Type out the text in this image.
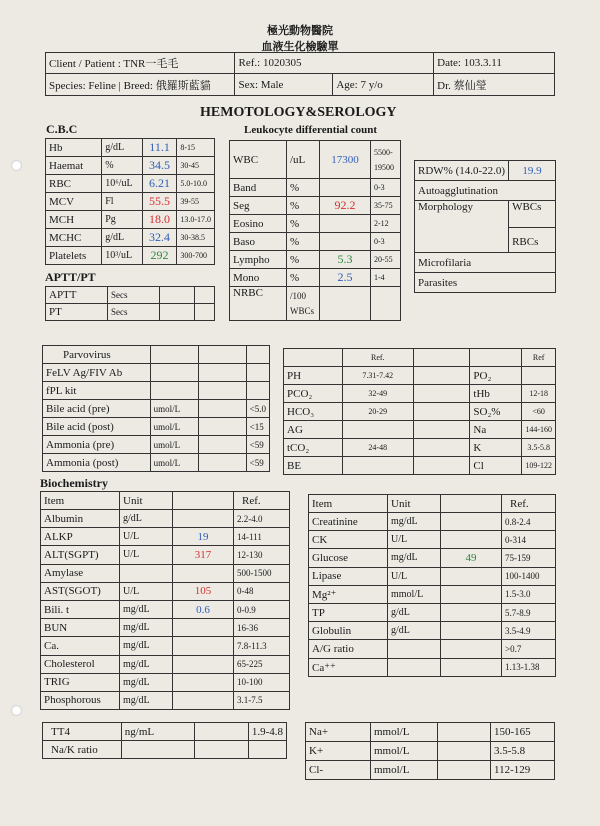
極光動物醫院
血液生化檢驗單
Client / Patient : TNR一毛毛	Ref.: 1020305		Date: 103.3.11
Species: Feline | Breed: 俄羅斯藍貓	Sex: Male	Age: 7 y/o	Dr. 蔡仙瑩
HEMOTOLOGY&SEROLOGY
C.B.C	Leukocyte differential count
Hb	g/dL	11.1	8-15
Haemat	%	34.5	30-45
RBC	10⁶/uL	6.21	5.0-10.0
MCV	Fl	55.5	39-55
MCH	Pg	18.0	13.0-17.0
MCHC	g/dL	32.4	30-38.5
Platelets	10³/uL	292	300-700
WBC	/uL	17300	5500-
19500

Band	%		0-3
Seg	%	92.2	35-75
Eosino	%		2-12
Baso	%		0-3
Lympho	%	5.3	20-55
Mono	%	2.5	1-4
NRBC	/100
WBCs		

RDW% (14.0-22.0)	19.9
Autoagglutination	
Morphology	WBCs
RBCs

Microfilaria	
Parasites	
APTT/PT
APTT	Secs		
PT	Secs		
Parvovirus			
FeLV Ag/FIV Ab			
fPL kit			
Bile acid (pre)	umol/L		<5.0
Bile acid (post)	umol/L		<15
Ammonia (pre)	umol/L		<59
Ammonia (post)	umol/L		<59
	Ref.			Ref
PH	7.31-7.42		PO₂	
PCO₂	32-49		tHb	12-18
HCO₃	20-29		SO₂%	<60
AG			Na	144-160
tCO₂	24-48		K	3.5-5.8
BE			Cl	109-122
Biochemistry
Item	Unit		Ref.
Albumin	g/dL		2.2-4.0
ALKP	U/L	19	14-111
ALT(SGPT)	U/L	317	12-130
Amylase			500-1500
AST(SGOT)	U/L	105	0-48
Bili. t	mg/dL	0.6	0-0.9
BUN	mg/dL		16-36
Ca.	mg/dL		7.8-11.3
Cholesterol	mg/dL		65-225
TRIG	mg/dL		10-100
Phosphorous	mg/dL		3.1-7.5
Item	Unit		Ref.
Creatinine	mg/dL		0.8-2.4
CK	U/L		0-314
Glucose	mg/dL	49	75-159
Lipase	U/L		100-1400
Mg²⁺	mmol/L		1.5-3.0
TP	g/dL		5.7-8.9
Globulin	g/dL		3.5-4.9
A/G ratio			>0.7
Ca⁺⁺			1.13-1.38
TT4	ng/mL		1.9-4.8
Na/K ratio			
Na+	mmol/L		150-165
K+	mmol/L		3.5-5.8
Cl-	mmol/L		112-129
